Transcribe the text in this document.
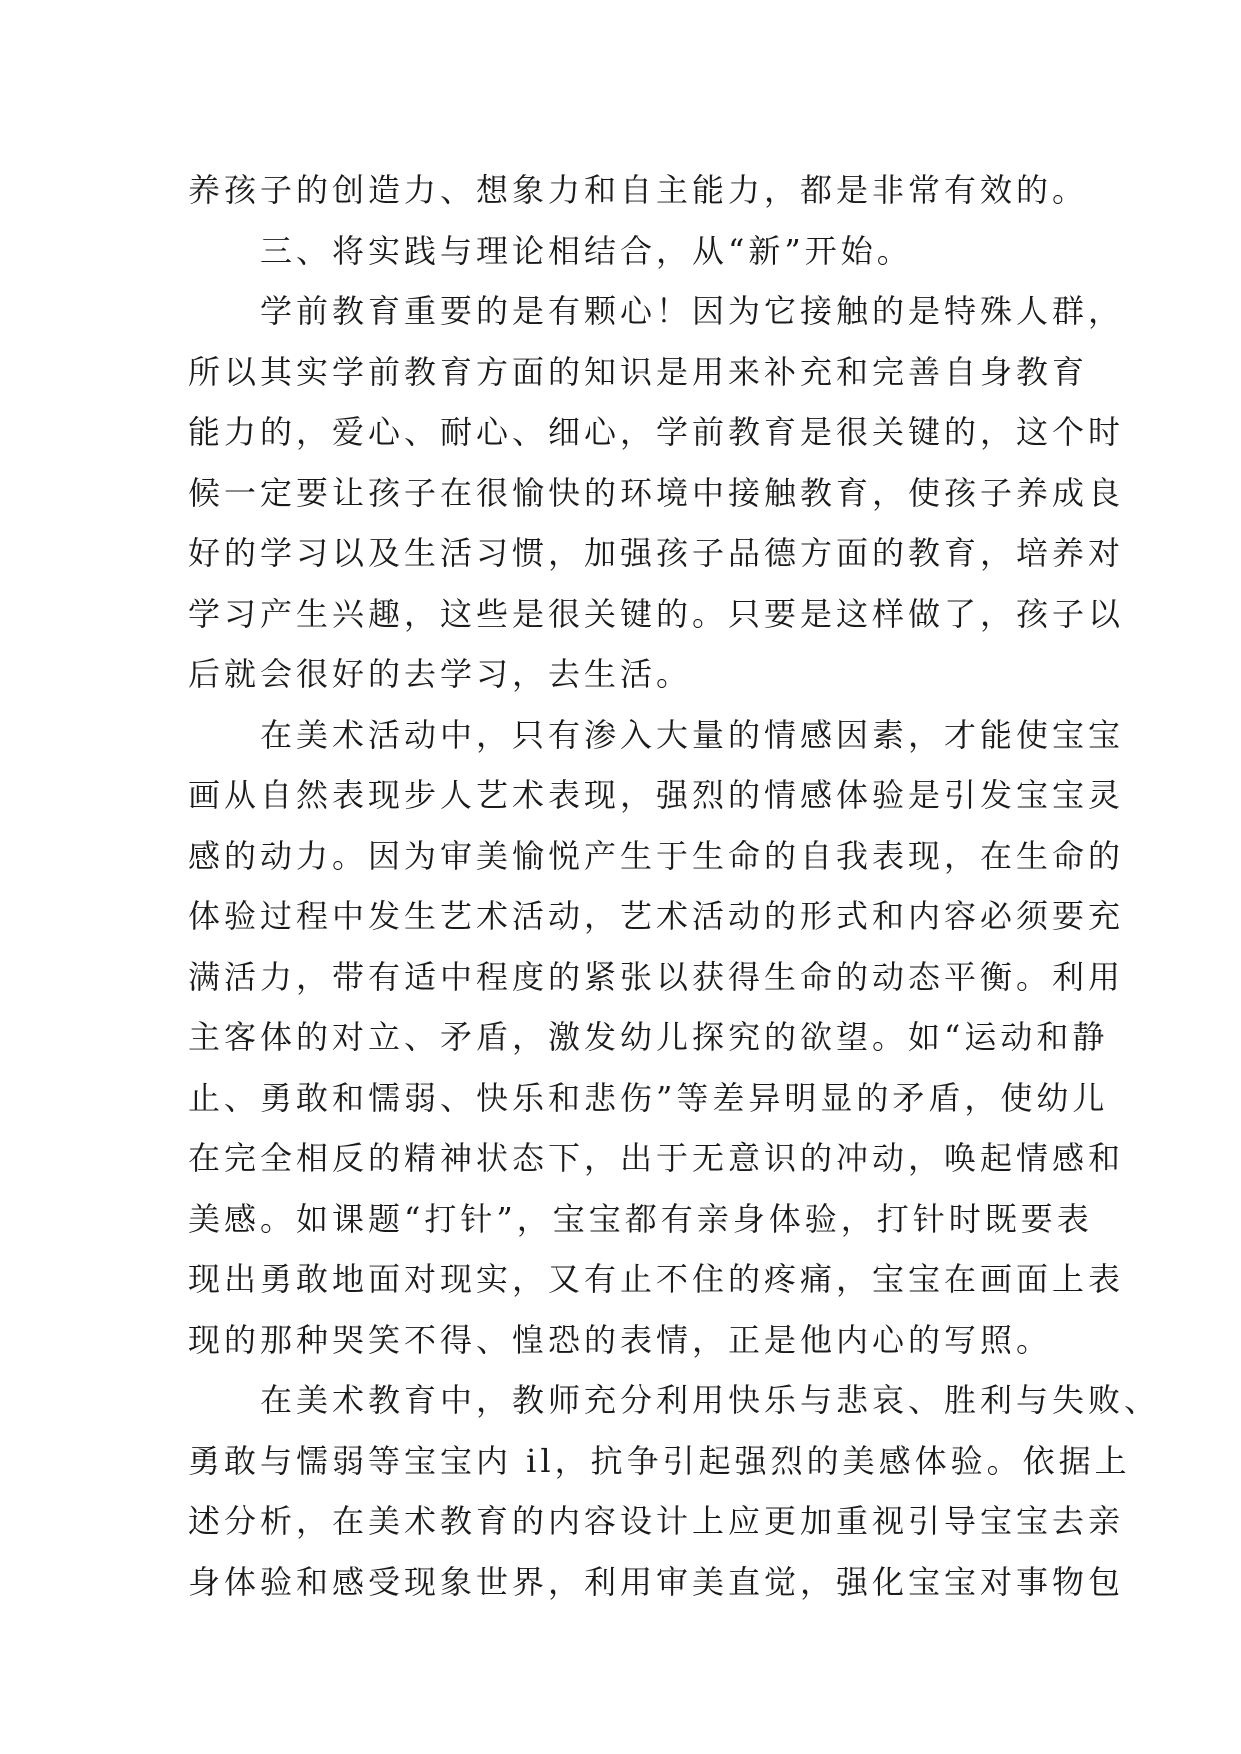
养孩子的创造力、想象力和自主能力，都是非常有效的。
　　三、将实践与理论相结合，从“新”开始。
　　学前教育重要的是有颗心！因为它接触的是特殊人群，
所以其实学前教育方面的知识是用来补充和完善自身教育
能力的，爱心、耐心、细心，学前教育是很关键的，这个时
候一定要让孩子在很愉快的环境中接触教育，使孩子养成良
好的学习以及生活习惯，加强孩子品德方面的教育，培养对
学习产生兴趣，这些是很关键的。只要是这样做了，孩子以
后就会很好的去学习，去生活。
　　在美术活动中，只有渗入大量的情感因素，才能使宝宝
画从自然表现步人艺术表现，强烈的情感体验是引发宝宝灵
感的动力。因为审美愉悦产生于生命的自我表现，在生命的
体验过程中发生艺术活动，艺术活动的形式和内容必须要充
满活力，带有适中程度的紧张以获得生命的动态平衡。利用
主客体的对立、矛盾，激发幼儿探究的欲望。如“运动和静
止、勇敢和懦弱、快乐和悲伤”等差异明显的矛盾，使幼儿
在完全相反的精神状态下，出于无意识的冲动，唤起情感和
美感。如课题“打针”，宝宝都有亲身体验，打针时既要表
现出勇敢地面对现实，又有止不住的疼痛，宝宝在画面上表
现的那种哭笑不得、惶恐的表情，正是他内心的写照。
　　在美术教育中，教师充分利用快乐与悲哀、胜利与失败、
勇敢与懦弱等宝宝内 il，抗争引起强烈的美感体验。依据上
述分析，在美术教育的内容设计上应更加重视引导宝宝去亲
身体验和感受现象世界，利用审美直觉，强化宝宝对事物包
